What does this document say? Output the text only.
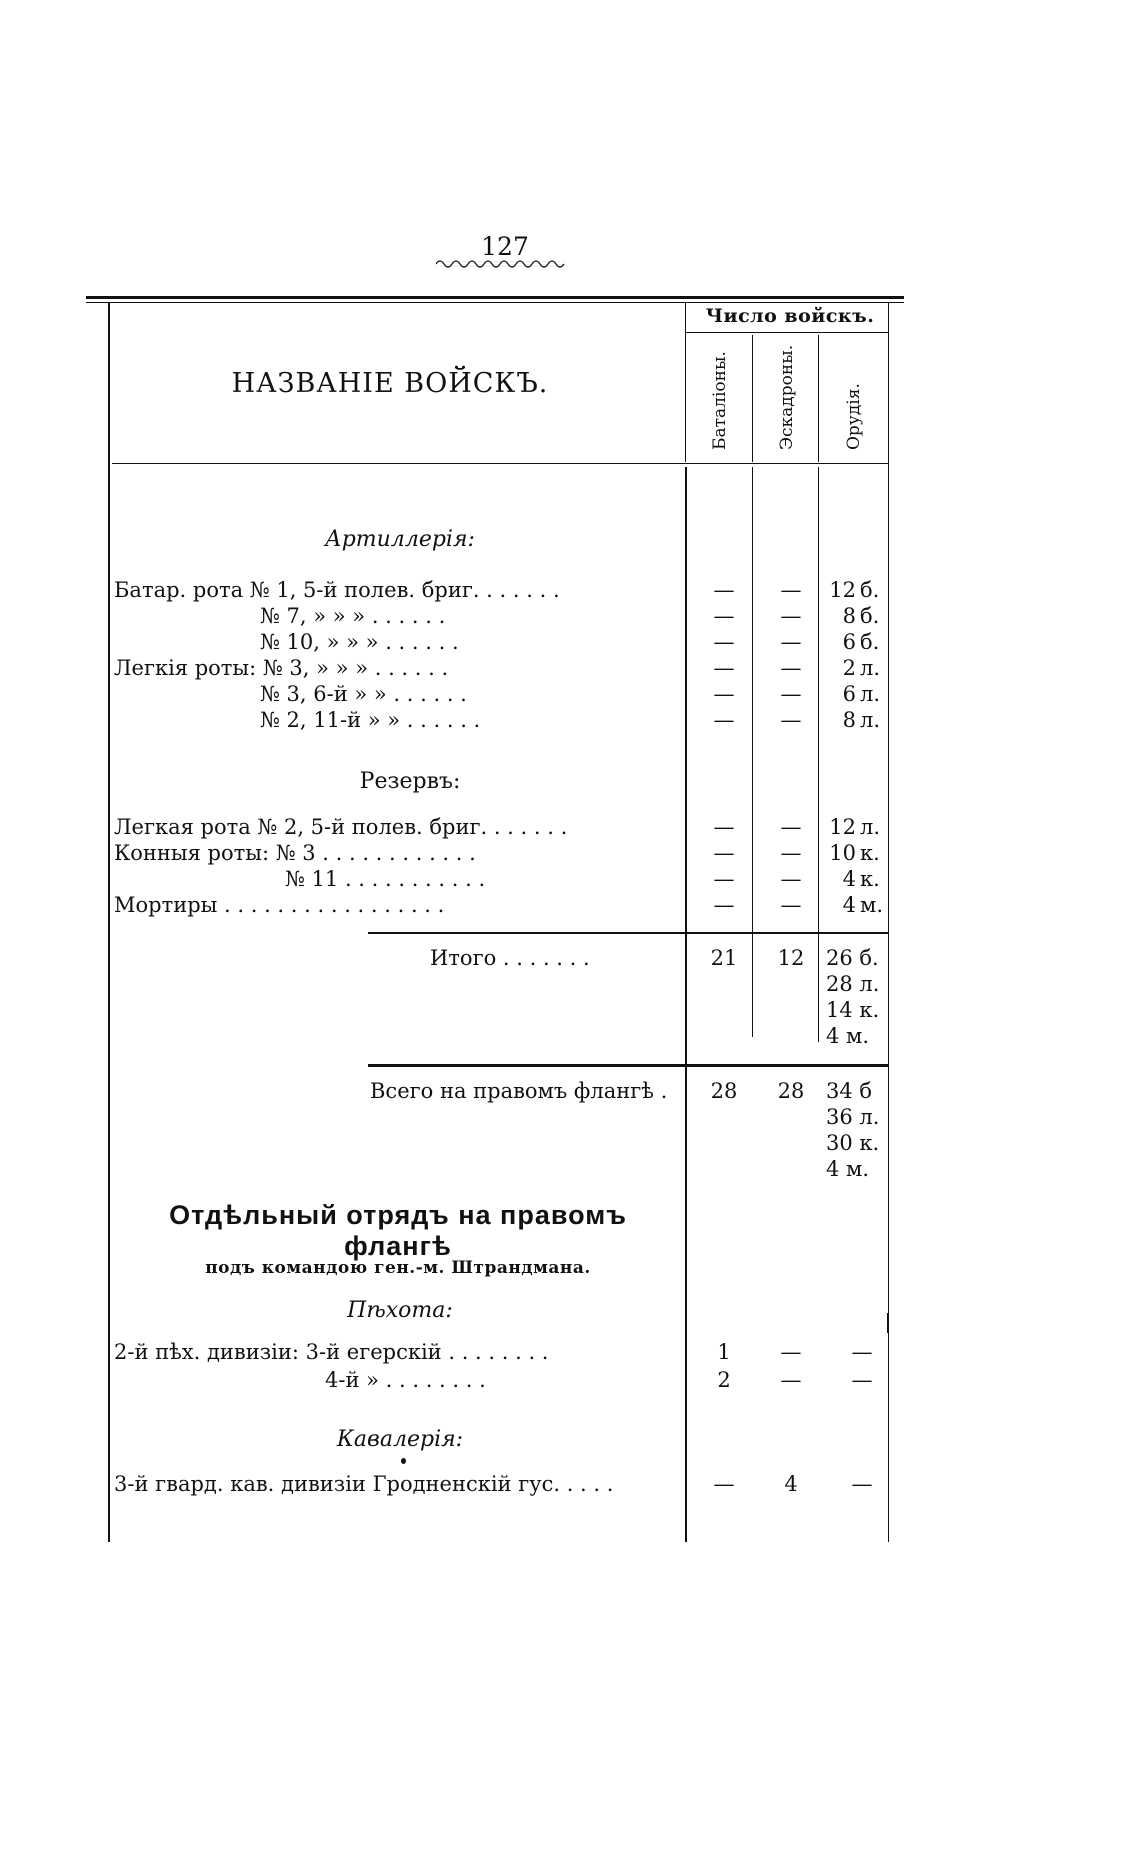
127
НАЗВАНІЕ ВОЙСКЪ.
Число войскъ.
Баталіоны.	Эскадроны.	Орудія.
Артиллерія:
Батар. рота № 1, 5-й полев. бриг. . . . . . .	—	—	12 б.
№ 7, » » » . . . . . .	—	—	8 б.
№ 10, » » » . . . . . .	—	—	6 б.
Легкія роты: № 3, » » » . . . . . .	—	—	2 л.
№ 3, 6-й » » . . . . . .	—	—	6 л.
№ 2, 11-й » » . . . . . .	—	—	8 л.
Резервъ:
Легкая рота № 2, 5-й полев. бриг. . . . . . .	—	—	12 л.
Конныя роты: № 3 . . . . . . . . . . . .	—	—	10 к.
№ 11 . . . . . . . . . . .	—	—	4 к.
Мортиры . . . . . . . . . . . . . . . . .	—	—	4 м.
Итого . . . . . . .	21	12	26 б.
28 л.
14 к.
4 м.
Всего на правомъ флангѣ .	28	28	34 б
36 л.
30 к.
4 м.
Отдѣльный отрядъ на правомъ флангѣ
подъ командою ген.-м. Штрандмана.
Пѣхота:
2-й пѣх. дивизіи: 3-й егерскій . . . . . . . .	1	—	—
4-й » . . . . . . . .	2	—	—
Кавалерія:
3-й гвард. кав. дивизіи Гродненскій гус. . . . .	—	4	—
